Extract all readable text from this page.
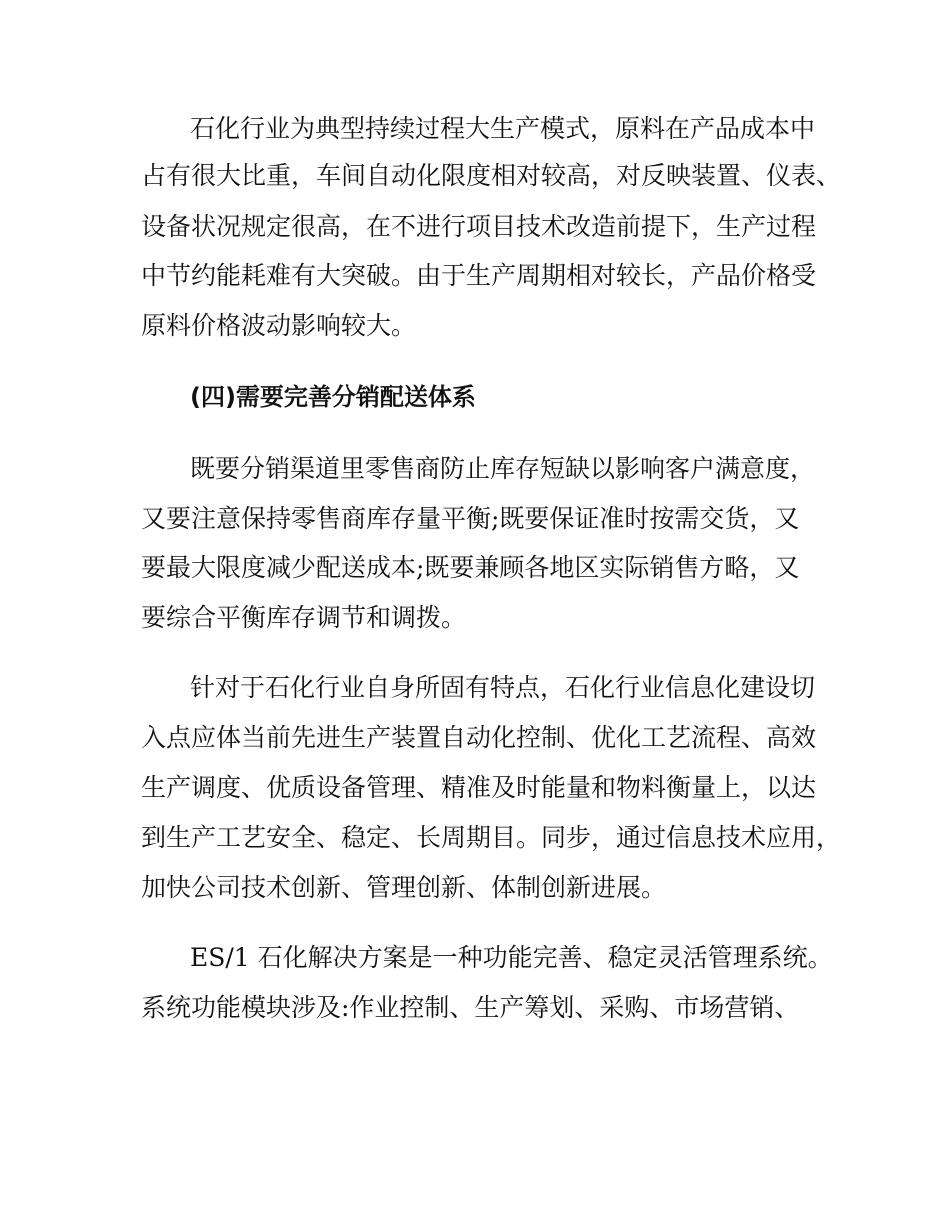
石化行业为典型持续过程大生产模式，原料在产品成本中
占有很大比重，车间自动化限度相对较高，对反映装置、仪表、
设备状况规定很高，在不进行项目技术改造前提下，生产过程
中节约能耗难有大突破。由于生产周期相对较长，产品价格受
原料价格波动影响较大。
(四)需要完善分销配送体系
既要分销渠道里零售商防止库存短缺以影响客户满意度，
又要注意保持零售商库存量平衡;既要保证准时按需交货，又
要最大限度减少配送成本;既要兼顾各地区实际销售方略，又
要综合平衡库存调节和调拨。
针对于石化行业自身所固有特点，石化行业信息化建设切
入点应体当前先进生产装置自动化控制、优化工艺流程、高效
生产调度、优质设备管理、精准及时能量和物料衡量上，以达
到生产工艺安全、稳定、长周期目。同步，通过信息技术应用，
加快公司技术创新、管理创新、体制创新进展。
ES/1 石化解决方案是一种功能完善、稳定灵活管理系统。
系统功能模块涉及:作业控制、生产筹划、采购、市场营销、
